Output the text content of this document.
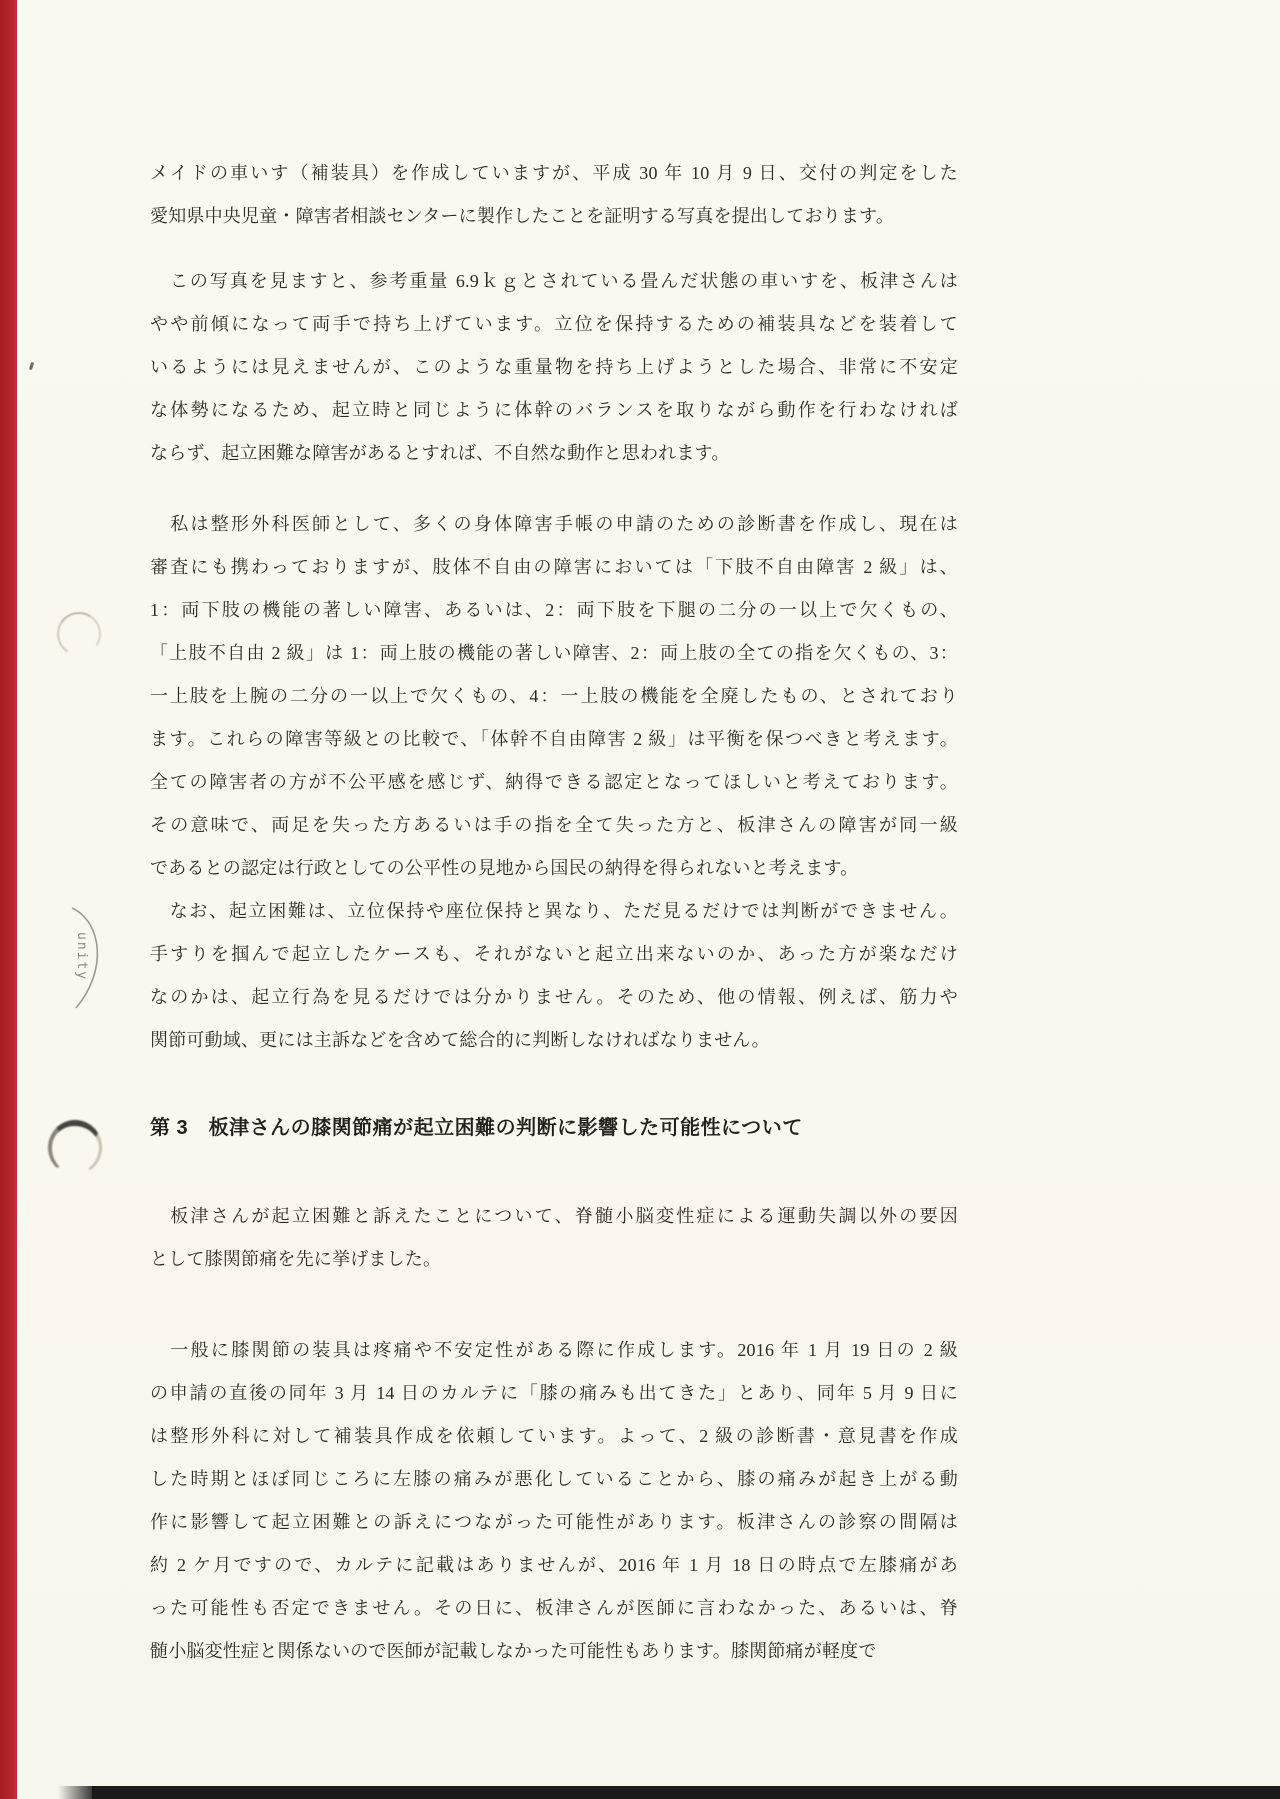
unity
メイドの車いす（補装具）を作成していますが、平成 30 年 10 月 9 日、交付の判定をした
愛知県中央児童・障害者相談センターに製作したことを証明する写真を提出しております。
　この写真を見ますと、参考重量 6.9ｋｇとされている畳んだ状態の車いすを、板津さんは
やや前傾になって両手で持ち上げています。立位を保持するための補装具などを装着して
いるようには見えませんが、このような重量物を持ち上げようとした場合、非常に不安定
な体勢になるため、起立時と同じように体幹のバランスを取りながら動作を行わなければ
ならず、起立困難な障害があるとすれば、不自然な動作と思われます。
　私は整形外科医師として、多くの身体障害手帳の申請のための診断書を作成し、現在は
審査にも携わっておりますが、肢体不自由の障害においては「下肢不自由障害 2 級」は、
1：両下肢の機能の著しい障害、あるいは、2：両下肢を下腿の二分の一以上で欠くもの、
「上肢不自由 2 級」は 1：両上肢の機能の著しい障害、2：両上肢の全ての指を欠くもの、3：
一上肢を上腕の二分の一以上で欠くもの、4：一上肢の機能を全廃したもの、とされており
ます。これらの障害等級との比較で、「体幹不自由障害 2 級」は平衡を保つべきと考えます。
全ての障害者の方が不公平感を感じず、納得できる認定となってほしいと考えております。
その意味で、両足を失った方あるいは手の指を全て失った方と、板津さんの障害が同一級
であるとの認定は行政としての公平性の見地から国民の納得を得られないと考えます。
　なお、起立困難は、立位保持や座位保持と異なり、ただ見るだけでは判断ができません。
手すりを掴んで起立したケースも、それがないと起立出来ないのか、あった方が楽なだけ
なのかは、起立行為を見るだけでは分かりません。そのため、他の情報、例えば、筋力や
関節可動域、更には主訴などを含めて総合的に判断しなければなりません。
第 3　板津さんの膝関節痛が起立困難の判断に影響した可能性について
　板津さんが起立困難と訴えたことについて、脊髄小脳変性症による運動失調以外の要因
として膝関節痛を先に挙げました。
　一般に膝関節の装具は疼痛や不安定性がある際に作成します。2016 年 1 月 19 日の 2 級
の申請の直後の同年 3 月 14 日のカルテに「膝の痛みも出てきた」とあり、同年 5 月 9 日に
は整形外科に対して補装具作成を依頼しています。よって、2 級の診断書・意見書を作成
した時期とほぼ同じころに左膝の痛みが悪化していることから、膝の痛みが起き上がる動
作に影響して起立困難との訴えにつながった可能性があります。板津さんの診察の間隔は
約 2 ケ月ですので、カルテに記載はありませんが、2016 年 1 月 18 日の時点で左膝痛があ
った可能性も否定できません。その日に、板津さんが医師に言わなかった、あるいは、脊
髄小脳変性症と関係ないので医師が記載しなかった可能性もあります。膝関節痛が軽度で
